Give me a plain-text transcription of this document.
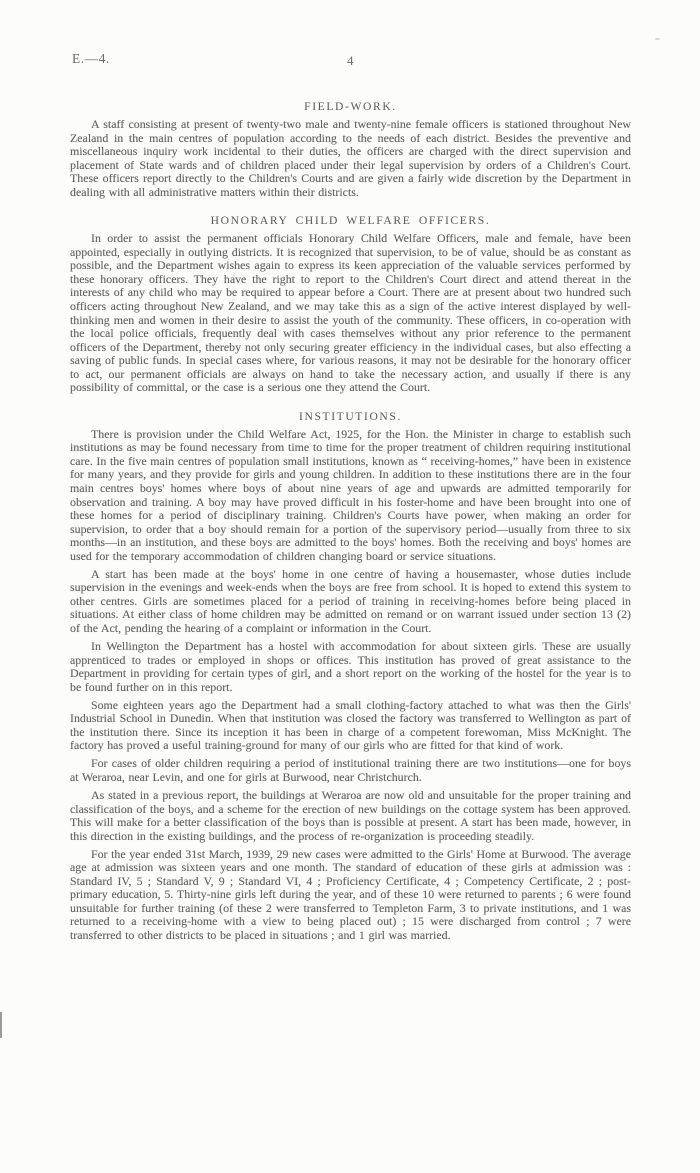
E.—4.	4
FIELD-WORK.

A staff consisting at present of twenty-two male and twenty-nine female officers is stationed throughout New Zealand in the main centres of population according to the needs of each district. Besides the preventive and miscellaneous inquiry work incidental to their duties, the officers are charged with the direct supervision and placement of State wards and of children placed under their legal supervision by orders of a Children's Court. These officers report directly to the Children's Courts and are given a fairly wide discretion by the Department in dealing with all administrative matters within their districts.

HONORARY CHILD WELFARE OFFICERS.

In order to assist the permanent officials Honorary Child Welfare Officers, male and female, have been appointed, especially in outlying districts. It is recognized that supervision, to be of value, should be as constant as possible, and the Department wishes again to express its keen appreciation of the valuable services performed by these honorary officers. They have the right to report to the Children's Court direct and attend thereat in the interests of any child who may be required to appear before a Court. There are at present about two hundred such officers acting throughout New Zealand, and we may take this as a sign of the active interest displayed by well-thinking men and women in their desire to assist the youth of the community. These officers, in co-operation with the local police officials, frequently deal with cases themselves without any prior reference to the permanent officers of the Department, thereby not only securing greater efficiency in the individual cases, but also effecting a saving of public funds. In special cases where, for various reasons, it may not be desirable for the honorary officer to act, our permanent officials are always on hand to take the necessary action, and usually if there is any possibility of committal, or the case is a serious one they attend the Court.

INSTITUTIONS.

There is provision under the Child Welfare Act, 1925, for the Hon. the Minister in charge to establish such institutions as may be found necessary from time to time for the proper treatment of children requiring institutional care. In the five main centres of population small institutions, known as “ receiving-homes,” have been in existence for many years, and they provide for girls and young children. In addition to these institutions there are in the four main centres boys' homes where boys of about nine years of age and upwards are admitted temporarily for observation and training. A boy may have proved difficult in his foster-home and have been brought into one of these homes for a period of disciplinary training. Children's Courts have power, when making an order for supervision, to order that a boy should remain for a portion of the supervisory period—usually from three to six months—in an institution, and these boys are admitted to the boys' homes. Both the receiving and boys' homes are used for the temporary accommodation of children changing board or service situations.

A start has been made at the boys' home in one centre of having a housemaster, whose duties include supervision in the evenings and week-ends when the boys are free from school. It is hoped to extend this system to other centres. Girls are sometimes placed for a period of training in receiving-homes before being placed in situations. At either class of home children may be admitted on remand or on warrant issued under section 13 (2) of the Act, pending the hearing of a complaint or information in the Court.

In Wellington the Department has a hostel with accommodation for about sixteen girls. These are usually apprenticed to trades or employed in shops or offices. This institution has proved of great assistance to the Department in providing for certain types of girl, and a short report on the working of the hostel for the year is to be found further on in this report.

Some eighteen years ago the Department had a small clothing-factory attached to what was then the Girls' Industrial School in Dunedin. When that institution was closed the factory was transferred to Wellington as part of the institution there. Since its inception it has been in charge of a competent forewoman, Miss McKnight. The factory has proved a useful training-ground for many of our girls who are fitted for that kind of work.

For cases of older children requiring a period of institutional training there are two institutions—one for boys at Weraroa, near Levin, and one for girls at Burwood, near Christchurch.

As stated in a previous report, the buildings at Weraroa are now old and unsuitable for the proper training and classification of the boys, and a scheme for the erection of new buildings on the cottage system has been approved. This will make for a better classification of the boys than is possible at present. A start has been made, however, in this direction in the existing buildings, and the process of re-organization is proceeding steadily.

For the year ended 31st March, 1939, 29 new cases were admitted to the Girls' Home at Burwood. The average age at admission was sixteen years and one month. The standard of education of these girls at admission was : Standard IV, 5 ; Standard V, 9 ; Standard VI, 4 ; Proficiency Certificate, 4 ; Competency Certificate, 2 ; post-primary education, 5. Thirty-nine girls left during the year, and of these 10 were returned to parents ; 6 were found unsuitable for further training (of these 2 were transferred to Templeton Farm, 3 to private institutions, and 1 was returned to a receiving-home with a view to being placed out) ; 15 were discharged from control ; 7 were transferred to other districts to be placed in situations ; and 1 girl was married.
